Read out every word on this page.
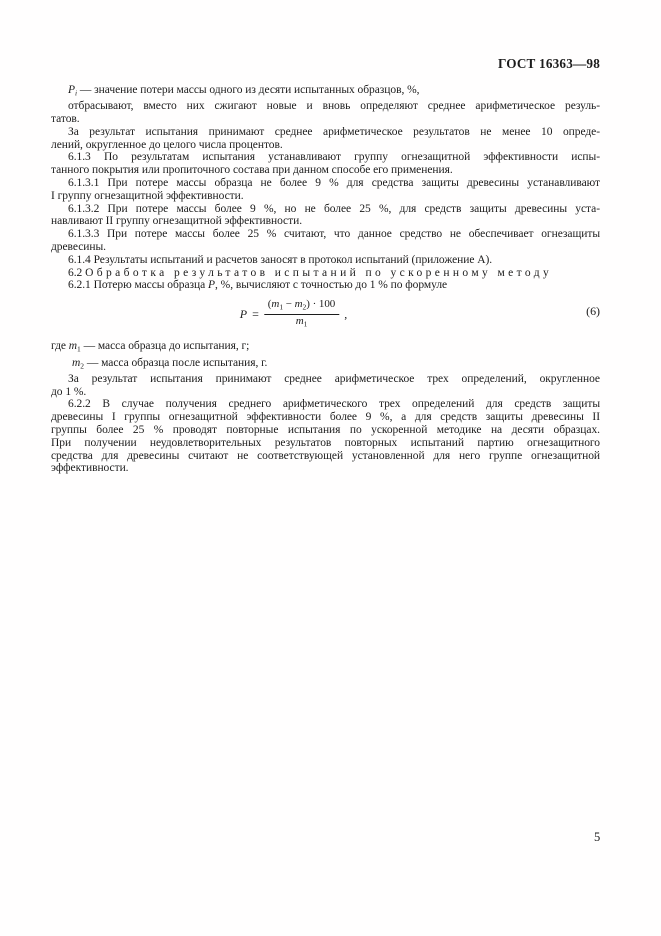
ГОСТ 16363—98
$P_i$ — значение потери массы одного из десяти испытанных образцов, %,
отбрасывают, вместо них сжигают новые и вновь определяют среднее арифметическое резуль-
татов.
За результат испытания принимают среднее арифметическое результатов не менее 10 опреде-
лений, округленное до целого числа процентов.
6.1.3 По результатам испытания устанавливают группу огнезащитной эффективности испы-
танного покрытия или пропиточного состава при данном способе его применения.
6.1.3.1 При потере массы образца не более 9 % для средства защиты древесины устанавливают
I группу огнезащитной эффективности.
6.1.3.2 При потере массы более 9 %, но не более 25 %, для средств защиты древесины уста-
навливают II группу огнезащитной эффективности.
6.1.3.3 При потере массы более 25 % считают, что данное средство не обеспечивает огнезащиты
древесины.
6.1.4 Результаты испытаний и расчетов заносят в протокол испытаний (приложение А).
6.2 Обработка результатов испытаний по ускоренному методу
6.2.1 Потерю массы образца P, %, вычисляют с точностью до 1 % по формуле
$P = \frac{(m_1 - m_2) \cdot 100}{m_1}$ ,	(6)
где $m_1$ — масса образца до испытания, г;
$m_2$ — масса образца после испытания, г.
За результат испытания принимают среднее арифметическое трех определений, округленное
до 1 %.
6.2.2 В случае получения среднего арифметического трех определений для средств защиты
древесины I группы огнезащитной эффективности более 9 %, а для средств защиты древесины II
группы более 25 % проводят повторные испытания по ускоренной методике на десяти образцах.
При получении неудовлетворительных результатов повторных испытаний партию огнезащитного
средства для древесины считают не соответствующей установленной для него группе огнезащитной
эффективности.
5
